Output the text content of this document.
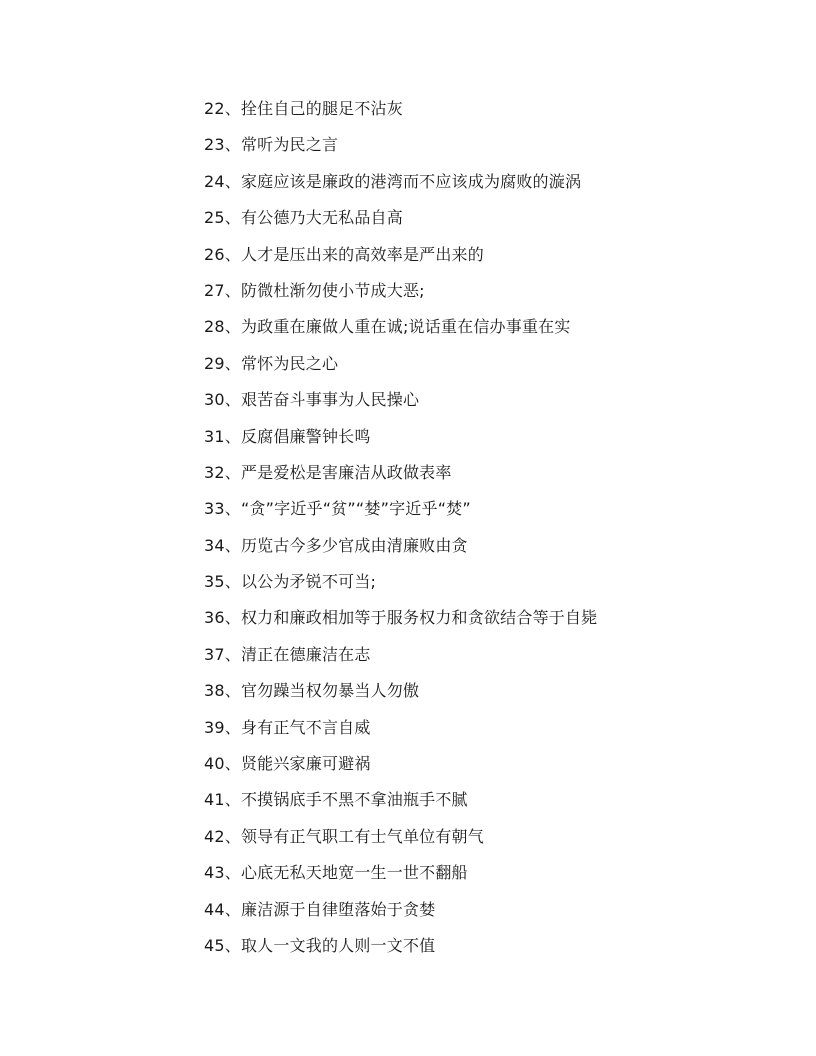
22、拴住自己的腿足不沾灰
23、常听为民之言
24、家庭应该是廉政的港湾而不应该成为腐败的漩涡
25、有公德乃大无私品自高
26、人才是压出来的高效率是严出来的
27、防微杜渐勿使小节成大恶;
28、为政重在廉做人重在诚;说话重在信办事重在实
29、常怀为民之心
30、艰苦奋斗事事为人民操心
31、反腐倡廉警钟长鸣
32、严是爱松是害廉洁从政做表率
33、“贪”字近乎“贫”“婪”字近乎“焚”
34、历览古今多少官成由清廉败由贪
35、以公为矛锐不可当;
36、权力和廉政相加等于服务权力和贪欲结合等于自毙
37、清正在德廉洁在志
38、官勿躁当权勿暴当人勿傲
39、身有正气不言自威
40、贤能兴家廉可避祸
41、不摸锅底手不黑不拿油瓶手不腻
42、领导有正气职工有士气单位有朝气
43、心底无私天地宽一生一世不翻船
44、廉洁源于自律堕落始于贪婪
45、取人一文我的人则一文不值
